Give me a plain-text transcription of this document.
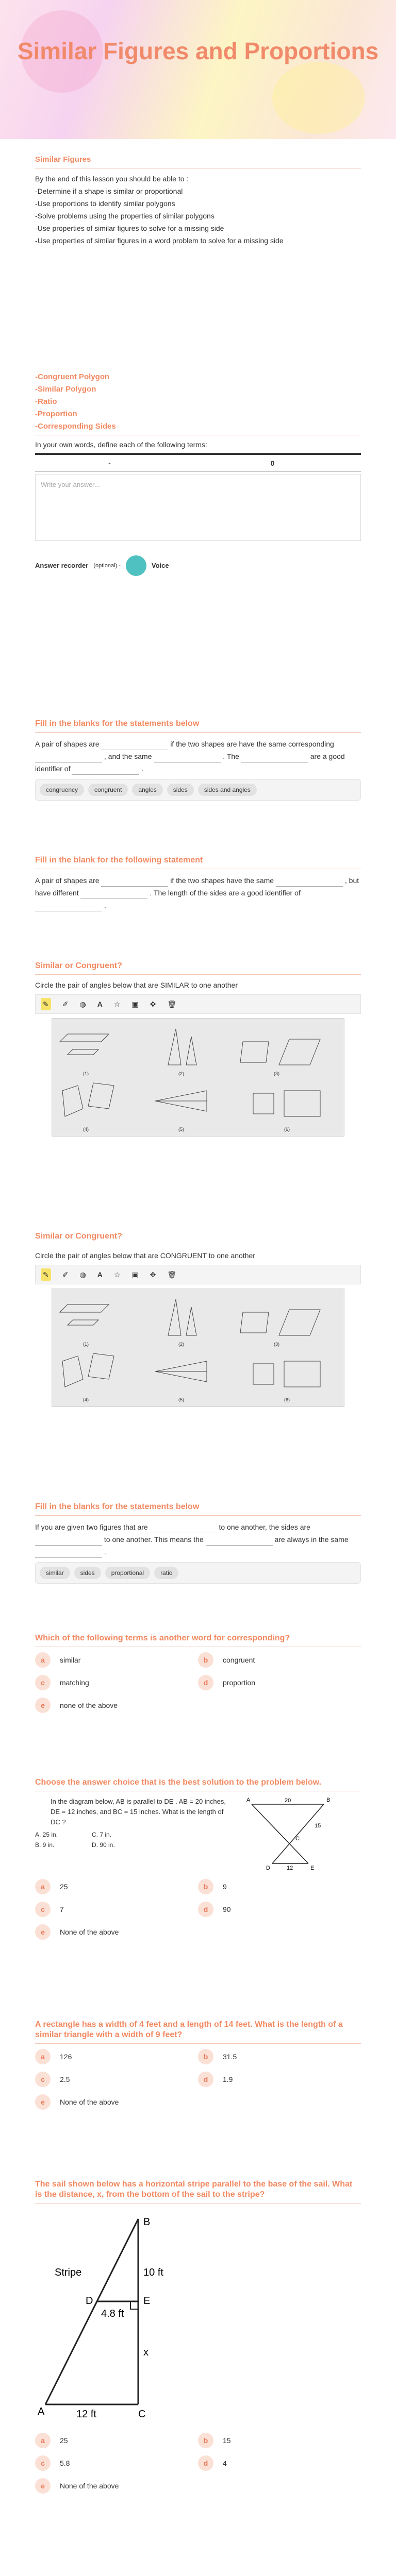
Similar Figures and Proportions
Similar Figures

By the end of this lesson you should be able to :

-Determine if a shape is similar or proportional

-Use proportions to identify similar polygons

-Solve problems using the properties of similar polygons

-Use properties of similar figures to solve for a missing side

-Use properties of similar figures in a word problem to solve for a missing side

-Congruent Polygon
-Similar Polygon
-Ratio
-Proportion
-Corresponding Sides

In your own words, define each of the following terms:

-	0
Write your answer...
Answer recorder (optional) -	Voice
Fill in the blanks for the statements below

A pair of shapes are	if the two shapes are have the same corresponding  , and the same	. The	are a good identifier of	.

congruency	congruent	angles	sides	sides and angles
Fill in the blank for the following statement

A pair of shapes are	if the two shapes have the same	, but have different	. The length of the sides are a good identifier of  .

Similar or Congruent?

Circle the pair of angles below that are SIMILAR to one another

✎ ✐ ◍ A ☆ ▣ ✥ 🗑
(1)	(2)	(3)
(4)	(5)	(6)
Similar or Congruent?

Circle the pair of angles below that are CONGRUENT to one another

✎ ✐ ◍ A ☆ ▣ ✥ 🗑
(1)	(2)	(3)
(4)	(5)	(6)
Fill in the blanks for the statements below

If you are given two figures that are	to one another, the sides are  to one another. This means the	are always in the same  .

similar	sides	proportional	ratio
Which of the following terms is another word for corresponding?
a	similar	b	congruent
c	matching	d	proportion
e	none of the above
Choose the answer choice that is the best solution to the problem below.

In the diagram below, AB is parallel to DE . AB = 20 inches, DE = 12 inches, and BC = 15 inches. What is the length of DC ?

A. 25 in.	C. 7 in.
B. 9 in.	D. 90 in.
A	B
C
D	E
20
15
12
a	25	b	9
c	7	d	90
e	None of the above
A rectangle has a width of 4 feet and a length of 14 feet. What is the length of a similar triangle with a width of 9 feet?
a	126	b	31.5
c	2.5	d	1.9
e	None of the above
The sail shown below has a horizontal stripe parallel to the base of the sail. What is the distance, x, from the bottom of the sail to the stripe?
B
Stripe	10 ft
D	E
4.8 ft
x
A	12 ft	C
a	25	b	15
c	5.8	d	4
e	None of the above
